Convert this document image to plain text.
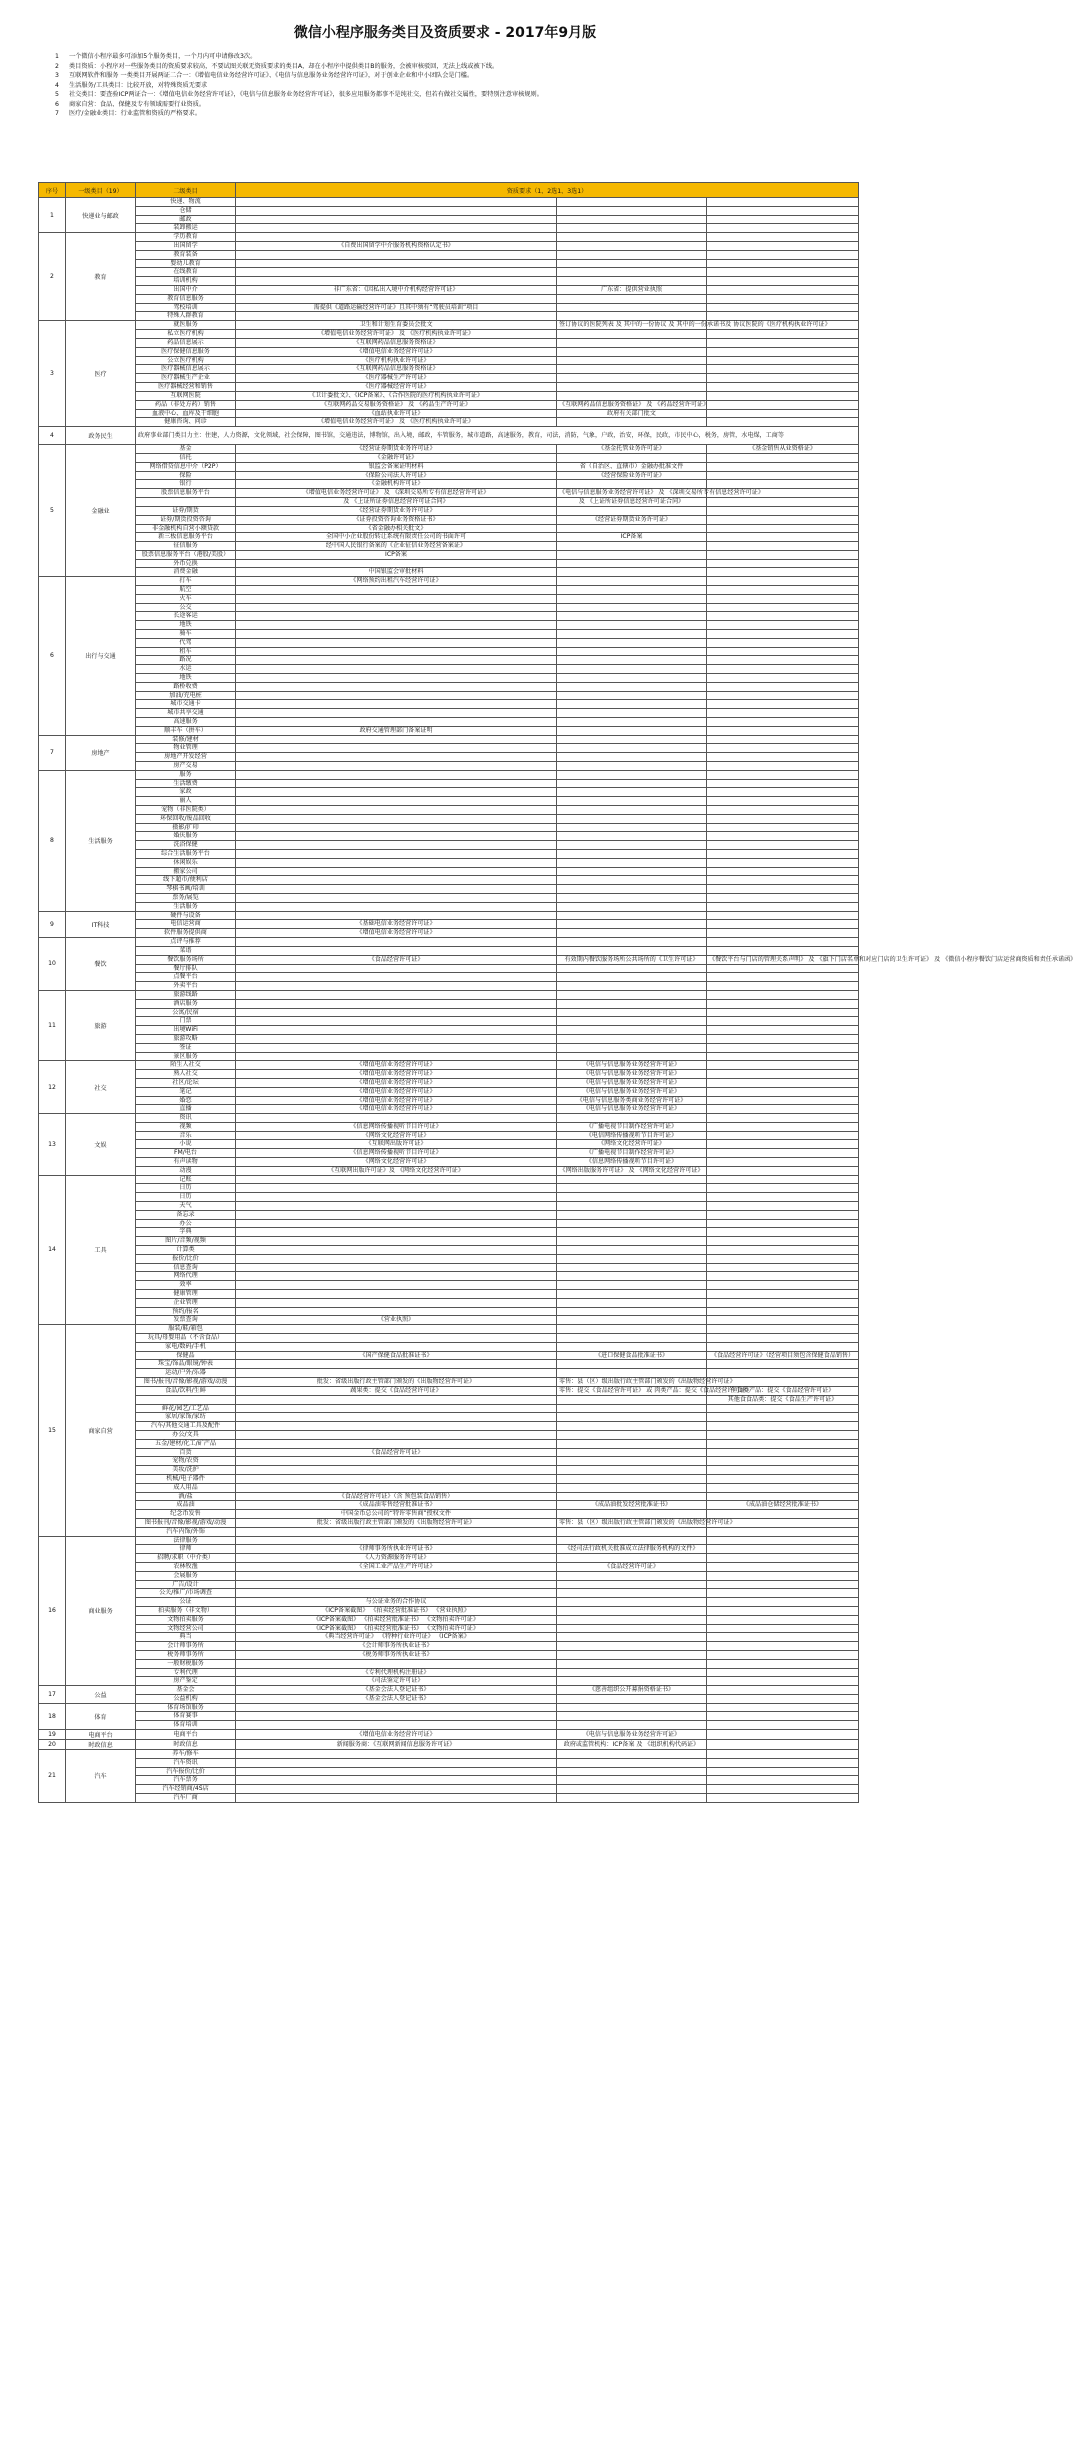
微信小程序服务类目及资质要求 - 2017年9月版
1 一个微信小程序最多可添加5个服务类目，一个月内可申请修改3次。
2 类目资质：小程序对一些服务类目的资质要求较高，不要试图关联无资质要求的类目A，却在小程序中提供类目B的服务，会被审核驳回，无法上线或被下线。
3 互联网软件和服务 一类类目开展两证二合一：《增值电信业务经营许可证》、《电信与信息服务业务经营许可证》，对于创业企业和中小团队会是门槛。
4 生活服务/工具类目：比较开放，对特殊资质无要求
5 社交类目：要查验ICP两证合一：《增值电信业务经营许可证》，《电信与信息服务业务经营许可证》，很多应用服务都事不是纯社交，但若有做社交属性，要特别注意审核规则。
6 商家自营：食品、保健及专有领域需要行业资质。
7 医疗/金融业类目：行业监管和资质的严格要求。
序号	一级类目（19）	二级类目	资质要求（1、2选1、3选1）		
1	快递业与邮政	快递、物流			
		仓储			
		邮政			
		装卸搬运			
2	教育	学历教育			
		出国留学	《自费出国留学中介服务机构资格认定书》		
		教育装备			
		婴幼儿教育			
		在线教育			
		培训机构			
		出国中介	非广东省：《因私出入境中介机构经营许可证》	广东省：提供营业执照	
		教育信息服务			
		驾校培训	需提供《道路运输经营许可证》且其中须有“驾驶员培训”项目		
		特殊人群教育			
3	医疗	就医服务	卫生和计划生育委员会批文	签订协议的医院列表 及 其中的一份协议 及 其中的一份承诺书及 协议医院的《医疗机构执业许可证》	
		私立医疗机构	《增值电信业务经营许可证》 及 《医疗机构执业许可证》		
		药品信息展示	《互联网药品信息服务资格证》		
		医疗保健信息服务	《增值电信业务经营许可证》		
		公立医疗机构	《医疗机构执业许可证》		
		医疗器械信息展示	《互联网药品信息服务资格证》		
		医疗器械生产企业	《医疗器械生产许可证》		
		医疗器械经营和销售	《医疗器械经营许可证》		
		互联网医院	《卫计委批文》、《ICP备案》、《合作医院的医疗机构执业许可证》		
		药品（非处方药）销售	《互联网药品交易服务资格证》 及 《药品生产许可证》	《互联网药品信息服务资格证》 及 《药品经营许可证》	
		血液中心、血库及干细胞	《血站执业许可证》	政府有关部门批文	
		健康咨询、问诊	《增值电信业务经营许可证》 及 《医疗机构执业许可证》		
4	政务民生	政府事业部门类目力主：住建，人力资源，文化领域，社会保障，图书馆，交通违法，博物馆，出入境，邮政，车管服务，城市道路，高速服务，教育，司法，消防，气象，户政，治安，环保，民政，市民中心，税务，房管，水电煤，工商等			
5	金融业	基金	《经营证券期货业务许可证》	《基金托管业务许可证》	《基金销售从业资格证》
		信托	《金融许可证》		
		网络借贷信息中介（P2P）	银监会备案证明材料	省（自治区、直辖市）金融办批准文件	
		保险	《保险公司法人许可证》	《经营保险业务许可证》	
		银行	《金融机构许可证》		
		股票信息服务平台	《增值电信业务经营许可证》 及 《深圳交易所专有信息经营许可证》	《电信与信息服务业务经营许可证》 及 《深圳交易所专有信息经营许可证》	
			及 《上证所证券信息经营许可证合同》	及 《上证所证券信息经营许可证合同》	
		证券/期货	《经营证券期货业务许可证》		
		证券/期货投资咨询	《证券投资咨询业务资格证书》	《经营证券期货业务许可证》	
		非金融机构自营小额贷款	《省金融办相关批文》		
		新三板信息服务平台	全国中小企业股份转让系统有限责任公司的书面许可	ICP备案	
		征信服务	经中国人民银行备案的《企业征信业务经营备案证》		
		股票信息服务平台（港股/美股）	ICP备案		
		外币兑换			
		消费金融	中国银监会审批材料		
6	出行与交通	打车	《网络预约出租汽车经营许可证》		
		航空			
		火车			
		公交			
		长途客运			
		地铁			
		骑车			
		代驾			
		租车			
		路况			
		水运			
		地铁			
		路桥收费			
		加油/充电桩			
		城市交通卡			
		城市共享交通			
		高速服务			
		顺丰车（拼车）	政府交通管理部门备案证明		
7	房地产	装修/建材			
		物业管理			
		房地产开发经营			
		房产交易			
8	生活服务	服务			
		生活缴费			
		家政			
		丽人			
		宠物（非医院类）			
		环保回收/废品回收			
		摄影/扩印			
		婚庆服务			
		洗浴保健			
		综合生活服务平台			
		休闲娱乐			
		搬家公司			
		线下超市/便利店			
		琴棋书画/培训			
		票务/展览			
		生活服务			
9	IT科技	硬件与设备			
		电信运营商	《基础电信业务经营许可证》		
		软件服务提供商	《增值电信业务经营许可证》		
10	餐饮	点评与推荐			
		菜谱			
		餐饮服务场所	《食品经营许可证》	有效期内餐饮服务场所公共场所的《卫生许可证》	《餐饮平台与门店的管理关系声明》 及 《旗下门店名单和对应门店的卫生许可证》 及 《微信小程序餐饮门店运营商资质和责任承诺函》
		餐厅排队			
		点餐平台			
		外卖平台			
11	旅游	旅游线路			
		酒店服务			
		公寓/民宿			
		门票			
		出境WiFi			
		旅游攻略			
		签证			
		景区服务			
12	社交	陌生人社交	《增值电信业务经营许可证》	《电信与信息服务业务经营许可证》	
		熟人社交	《增值电信业务经营许可证》	《电信与信息服务业务经营许可证》	
		社区/论坛	《增值电信业务经营许可证》	《电信与信息服务业务经营许可证》	
		笔记	《增值电信业务经营许可证》	《电信与信息服务业务经营许可证》	
		婚恋	《增值电信业务经营许可证》	《电信与信息服务类商业务经营许可证》	
		直播	《增值电信业务经营许可证》	《电信与信息服务业务经营许可证》	
13	文娱	资讯			
		视频	《信息网络传播视听节目许可证》	《广播电视节目制作经营许可证》	
		音乐	《网络文化经营许可证》	《电信网络传播视听节目许可证》	
		小说	《互联网出版许可证》	《网络文化经营许可证》	
		FM/电台	《信息网络传播视听节目许可证》	《广播电视节目制作经营许可证》	
		有声读物	《网络文化经营许可证》	《信息网络传播视听节目许可证》	
		动漫	《互联网出版许可证》及 《网络文化经营许可证》	《网络出版服务许可证》 及 《网络文化经营许可证》	
14	工具	记账			
		日历			
		日历			
		天气			
		备忘录			
		办公			
		字典			
		图片/音频/视频			
		计算类			
		报价/比价			
		信息查询			
		网络代理			
		效率			
		健康管理			
		企业管理			
		预约/报名			
		发票查询	《营业执照》		
15	商家自营	服装/鞋/箱包			
		玩具/母婴用品（不含食品）			
		家电/数码/手机			
		保健品	《国产保健食品批准证书》	《进口保健食品批准证书》	《食品经营许可证》（经营项目须包含保健食品销售）
		珠宝/饰品/眼镜/钟表			
		运动/户外/乐器			
		图书/报刊/音像/影视/游戏/动漫	批发：省级出版行政主管部门颁发的《出版物经营许可证》	零售：县（区）级出版行政主管部门颁发的《出版物经营许可证》	
		食品/饮料/生鲜	蔬果类：提交《食品经营许可证》	零售：提交《食品经营许可证》 或 肉类产品：提交《食品经营许可证》	生食类产品：提交《食品经营许可证》
					其他食食品类：提交《食品生产许可证》
		鲜花/园艺/工艺品			
		家居/家饰/家纺			
		汽车/其他交通工具及配件			
		办公/文具			
		五金/建材/化工/矿产品			
		百货	《食品经营许可证》		
		宠物/农资			
		美妆/洗护			
		机械/电子器件			
		成人用品			
		酒/盐	《食品经营许可证》（含 预包装食品销售）		
		成品油	《成品油零售经营批准证书》	《成品油批发经营批准证书》	《成品油仓储经营批准证书》
		纪念币发售	中国金币总公司的“特许零售商”授权文件		
		图书报刊/音像/影视/游戏/动漫	批发：省级出版行政主管部门颁发的《出版物经营许可证》	零售：县（区）级出版行政主管部门颁发的《出版物经营许可证》	
		汽车内饰/外饰			
16	商业服务	法律服务			
		律师	《律师事务所执业许可证书》	《经司法行政机关批准成立法律服务机构的文件》	
		招聘/求职（中介类）	《人力资源服务许可证》		
		农林牧渔	《全国工业产品生产许可证》	《食品经营许可证》	
		会展服务			
		广告/设计			
		公关/推广/市场调查			
		公证	与公证业务的合作协议		
		拍卖服务（非文物）	《ICP备案截图》 《拍卖经营批准证书》 《营业执照》		
		文物拍卖服务	《ICP备案截图》 《拍卖经营批准证书》 《文物拍卖许可证》		
		文物经营公司	《ICP备案截图》 《拍卖经营批准证书》 《文物拍卖许可证》		
		典当	《典当经营许可证》 《特种行业许可证》 《ICP备案》		
		会计师事务所	《会计师事务所执业证书》		
		税务师事务所	《税务师事务所执业证书》		
		一般财税服务			
		专利代理	《专利代理机构注册证》		
		房产鉴定	《司法鉴定许可证》		
17	公益	基金会	《基金会法人登记证书》	《慈善组织公开募捐资格证书》	
		公益机构	《基金会法人登记证书》		
18	体育	体育场馆服务			
		体育赛事			
		体育培训			
19	电商平台	电商平台	《增值电信业务经营许可证》	《电信与信息服务业务经营许可证》	
20	时政信息	时政信息	新闻服务商：《互联网新闻信息服务许可证》	政府或监管机构：ICP备案 及 《组织机构代码证》	
21	汽车	养车/修车			
		汽车资讯			
		汽车报价/比价			
		汽车票务			
		汽车经销商/4S店			
		汽车厂商			
